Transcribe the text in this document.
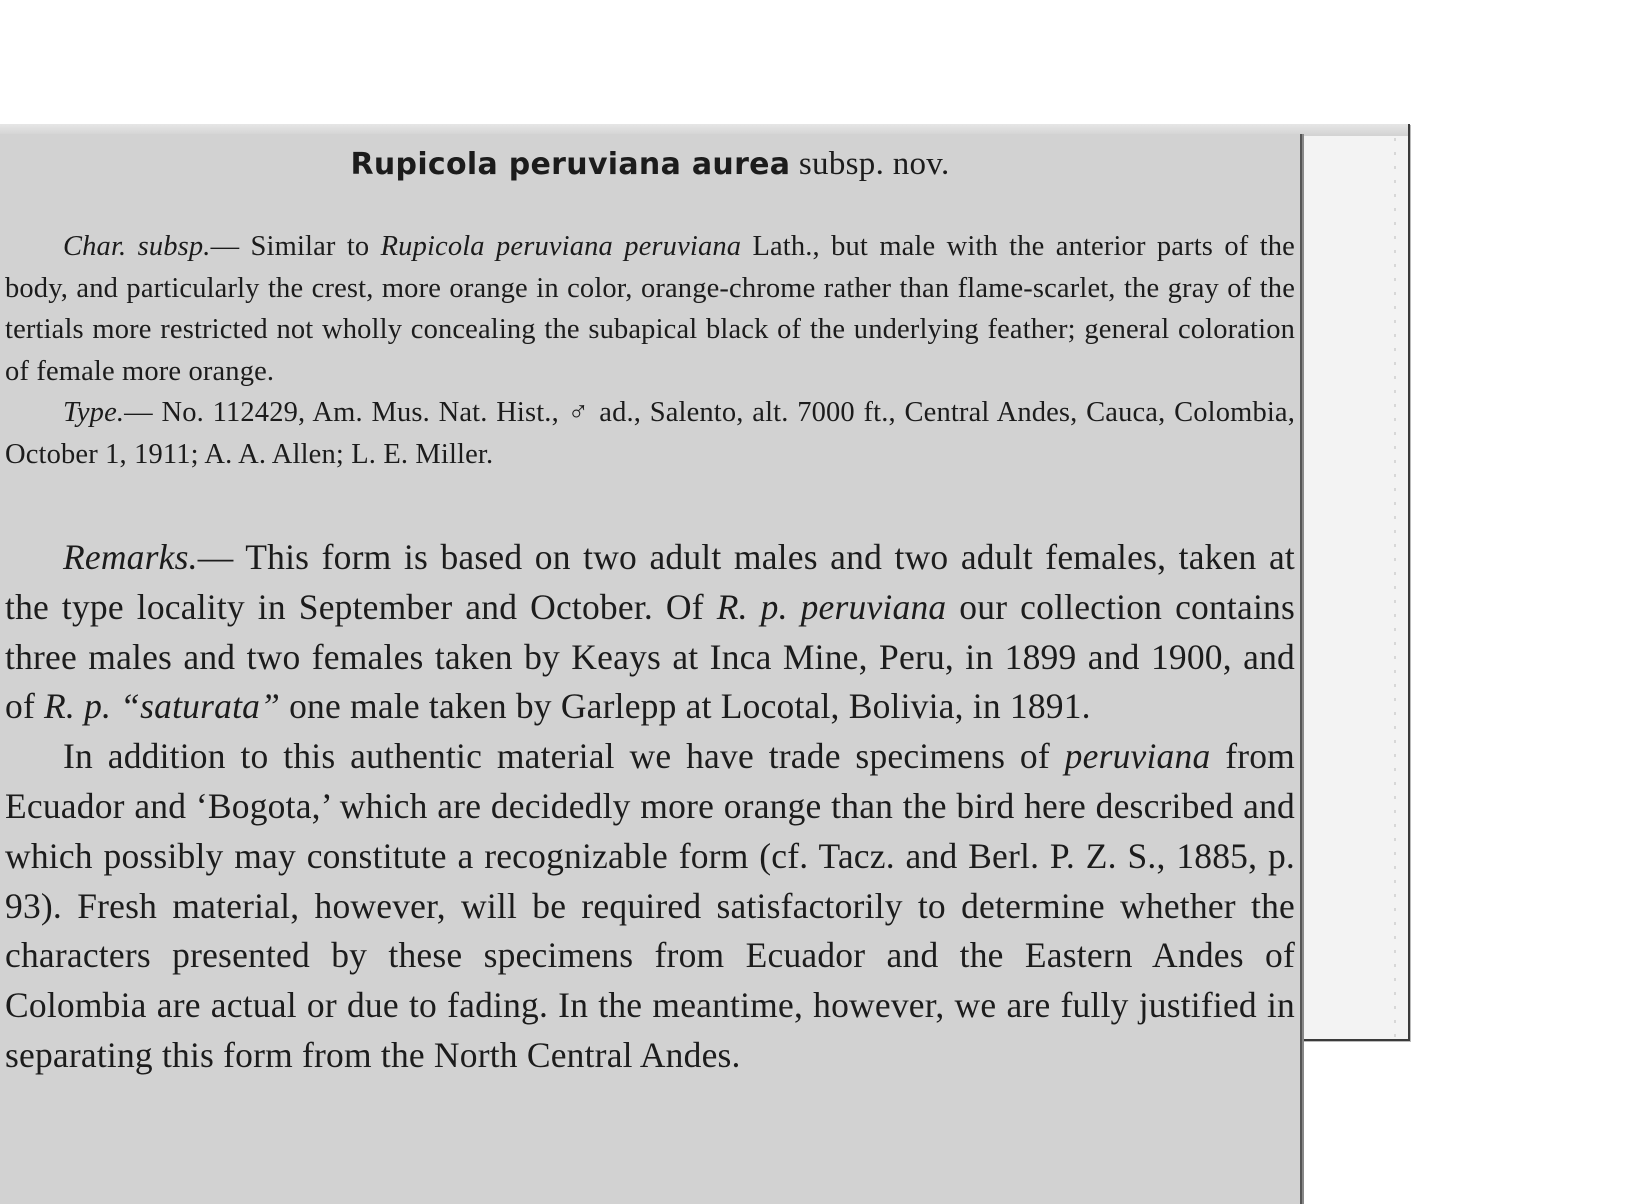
Rupicola peruviana aurea subsp. nov.

Char. subsp.— Similar to Rupicola peruviana peruviana Lath., but male with the anterior parts of the body, and particularly the crest, more orange in color, orange-chrome rather than flame-scarlet, the gray of the tertials more restricted not wholly concealing the subapical black of the underlying feather; general coloration of female more orange.

Type.— No. 112429, Am. Mus. Nat. Hist., ♂ ad., Salento, alt. 7000 ft., Central Andes, Cauca, Colombia, October 1, 1911; A. A. Allen; L. E. Miller.

Remarks.— This form is based on two adult males and two adult females, taken at the type locality in September and October. Of R. p. peruviana our collection contains three males and two females taken by Keays at Inca Mine, Peru, in 1899 and 1900, and of R. p. “saturata” one male taken by Garlepp at Locotal, Bolivia, in 1891.

In addition to this authentic material we have trade specimens of peruviana from Ecuador and ‘Bogota,’ which are decidedly more orange than the bird here described and which possibly may constitute a recognizable form (cf. Tacz. and Berl. P. Z. S., 1885, p. 93). Fresh material, however, will be required satisfactorily to determine whether the characters presented by these specimens from Ecuador and the Eastern Andes of Colombia are actual or due to fading. In the meantime, however, we are fully justified in separating this form from the North Central Andes.
